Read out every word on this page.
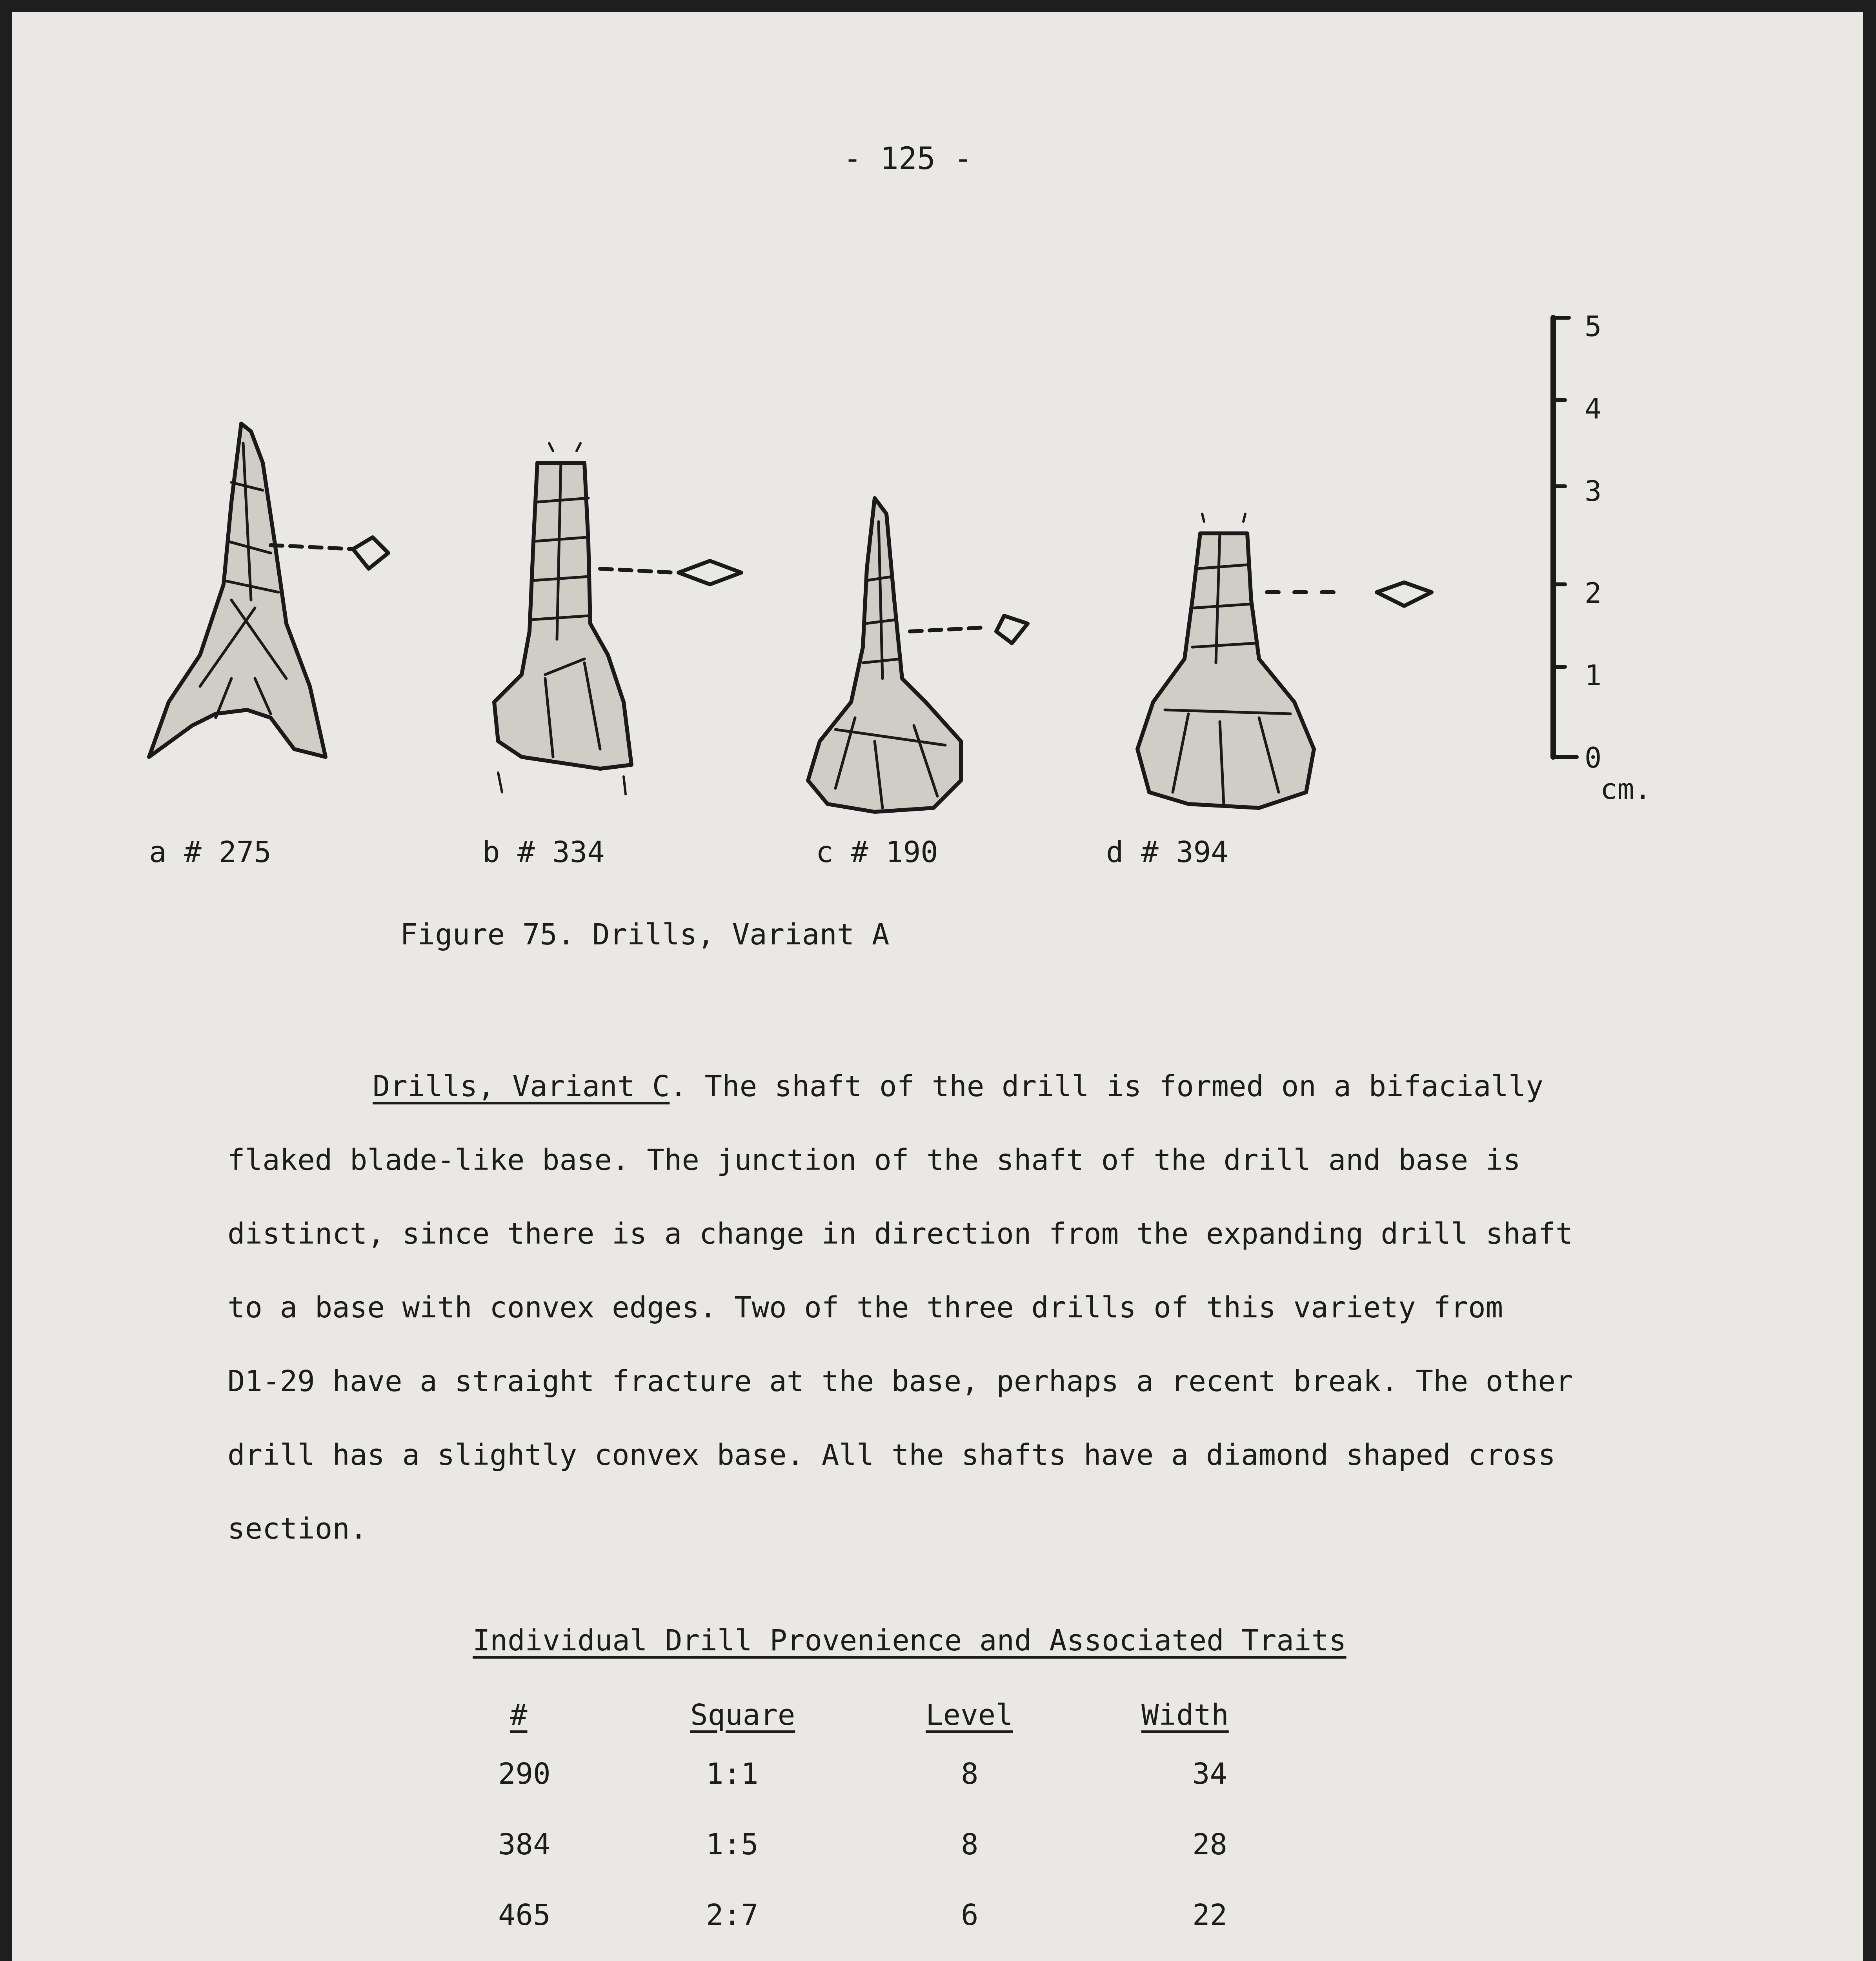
- 125 -
5
4
3
2
1
0
cm.
a # 275	b # 334	c # 190	d # 394
Figure 75. Drills, Variant A
Drills, Variant C. The shaft of the drill is formed on a bifacially
flaked blade-like base. The junction of the shaft of the drill and base is
distinct, since there is a change in direction from the expanding drill shaft
to a base with convex edges. Two of the three drills of this variety from
D1-29 have a straight fracture at the base, perhaps a recent break. The other
drill has a slightly convex base. All the shafts have a diamond shaped cross
section.
Individual Drill Provenience and Associated Traits
#	Square	Level	Width
290	1:1	8	34
384	1:5	8	28
465	2:7	6	22
